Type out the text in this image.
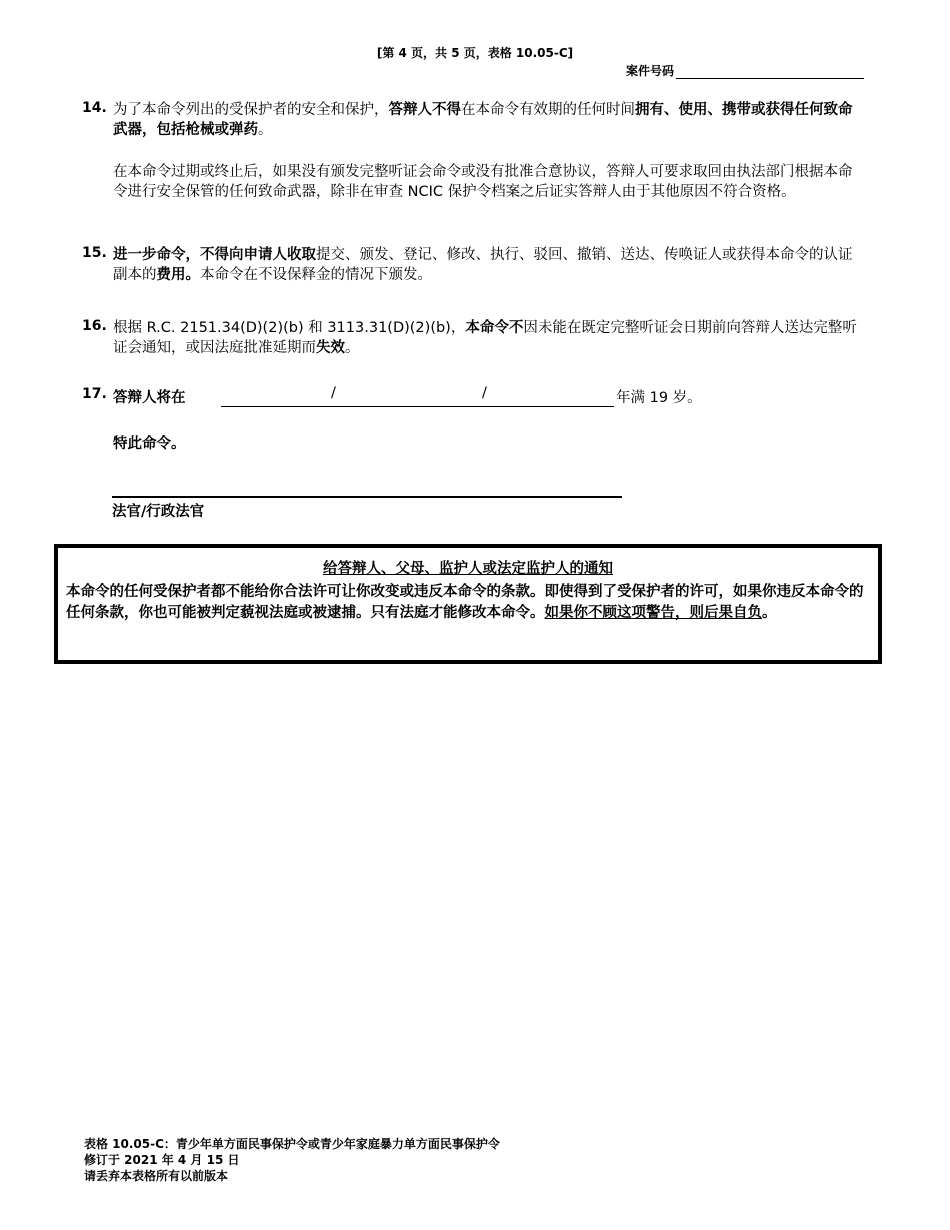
[第 4 页，共 5 页，表格 10.05-C]
案件号码
14. 为了本命令列出的受保护者的安全和保护，答辩人不得在本命令有效期的任何时间拥有、使用、携带或获得任何致命武器，包括枪械或弹药。
在本命令过期或终止后，如果没有颁发完整听证会命令或没有批准合意协议，答辩人可要求取回由执法部门根据本命令进行安全保管的任何致命武器，除非在审查 NCIC 保护令档案之后证实答辩人由于其他原因不符合资格。
15. 进一步命令，不得向申请人收取提交、颁发、登记、修改、执行、驳回、撤销、送达、传唤证人或获得本命令的认证副本的费用。本命令在不设保释金的情况下颁发。
16. 根据 R.C. 2151.34(D)(2)(b) 和 3113.31(D)(2)(b)，本命令不因未能在既定完整听证会日期前向答辩人送达完整听证会通知，或因法庭批准延期而失效。
17. 答辩人将在	/	/	年满 19 岁。
特此命令。
法官/行政法官
给答辩人、父母、监护人或法定监护人的通知
本命令的任何受保护者都不能给你合法许可让你改变或违反本命令的条款。即使得到了受保护者的许可，如果你违反本命令的任何条款，你也可能被判定藐视法庭或被逮捕。只有法庭才能修改本命令。如果你不顾这项警告，则后果自负。
表格 10.05-C：青少年单方面民事保护令或青少年家庭暴力单方面民事保护令
修订于 2021 年 4 月 15 日
请丢弃本表格所有以前版本
